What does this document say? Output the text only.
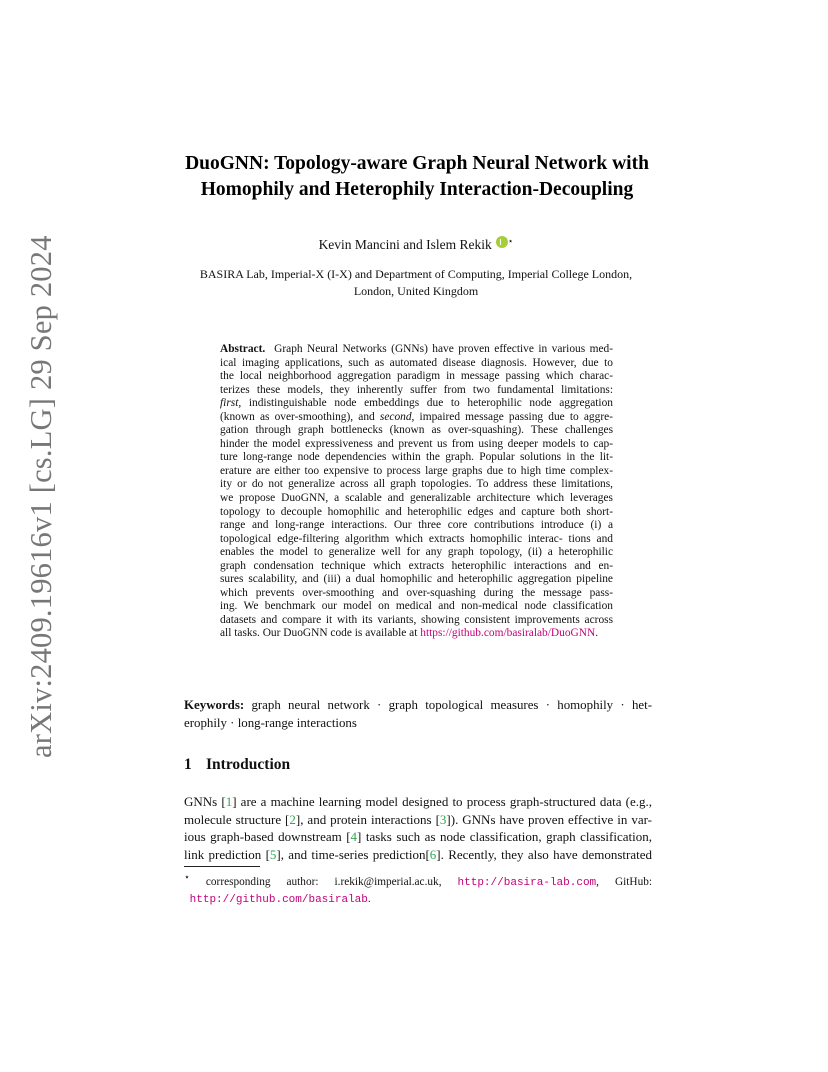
arXiv:2409.19616v1 [cs.LG] 29 Sep 2024
DuoGNN: Topology-aware Graph Neural Network with
Homophily and Heterophily Interaction-Decoupling
Kevin Mancini and Islem Rekik ⋆
BASIRA Lab, Imperial-X (I-X) and Department of Computing, Imperial College London,
London, United Kingdom
Abstract. Graph Neural Networks (GNNs) have proven effective in various med-
ical imaging applications, such as automated disease diagnosis. However, due to
the local neighborhood aggregation paradigm in message passing which charac-
terizes these models, they inherently suffer from two fundamental limitations:
first, indistinguishable node embeddings due to heterophilic node aggregation
(known as over-smoothing), and second, impaired message passing due to aggre-
gation through graph bottlenecks (known as over-squashing). These challenges
hinder the model expressiveness and prevent us from using deeper models to cap-
ture long-range node dependencies within the graph. Popular solutions in the lit-
erature are either too expensive to process large graphs due to high time complex-
ity or do not generalize across all graph topologies. To address these limitations,
we propose DuoGNN, a scalable and generalizable architecture which leverages
topology to decouple homophilic and heterophilic edges and capture both short-
range and long-range interactions. Our three core contributions introduce (i) a
topological edge-filtering algorithm which extracts homophilic interac- tions and
enables the model to generalize well for any graph topology, (ii) a heterophilic
graph condensation technique which extracts heterophilic interactions and en-
sures scalability, and (iii) a dual homophilic and heterophilic aggregation pipeline
which prevents over-smoothing and over-squashing during the message pass-
ing. We benchmark our model on medical and non-medical node classification
datasets and compare it with its variants, showing consistent improvements across
all tasks. Our DuoGNN code is available at https://github.com/basiralab/DuoGNN.
Keywords: graph neural network · graph topological measures · homophily · het-
erophily · long-range interactions
1 Introduction
GNNs [1] are a machine learning model designed to process graph-structured data (e.g.,
molecule structure [2], and protein interactions [3]). GNNs have proven effective in var-
ious graph-based downstream [4] tasks such as node classification, graph classification,
link prediction [5], and time-series prediction[6]. Recently, they also have demonstrated
⋆ corresponding author: i.rekik@imperial.ac.uk, http://basira-lab.com, GitHub:
http://github.com/basiralab.
